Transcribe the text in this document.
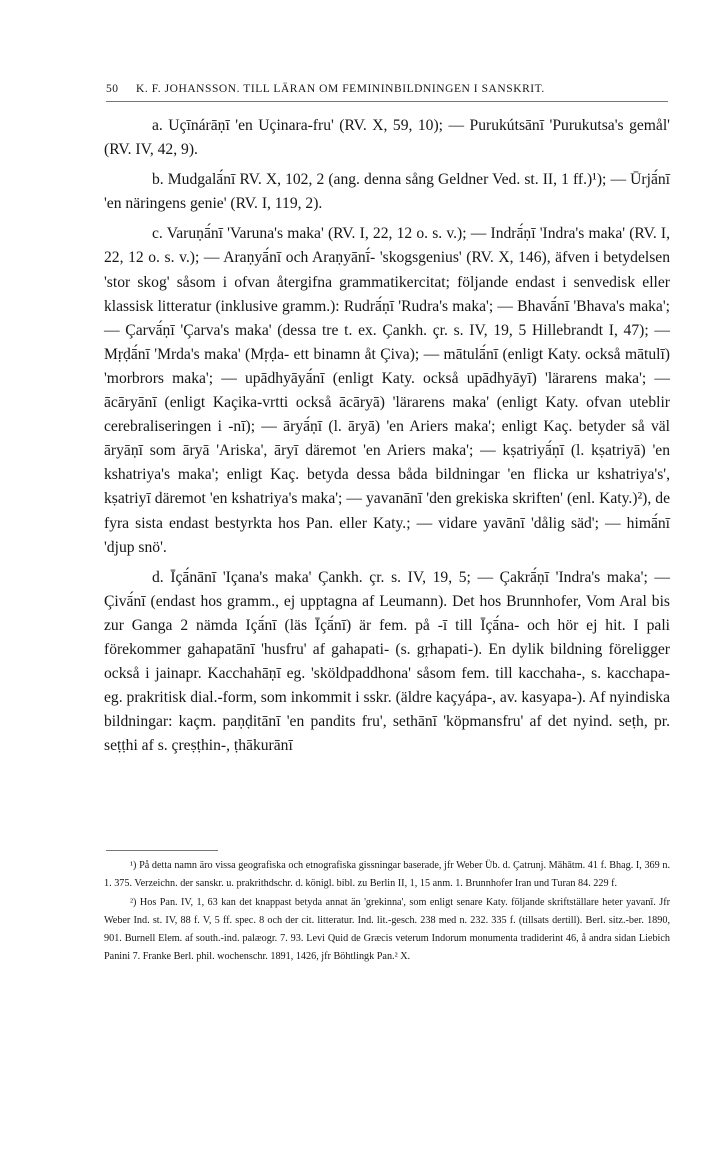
50 K. F. JOHANSSON. TILL LÄRAN OM FEMININBILDNINGEN I SANSKRIT.

a. Uçīnárāṇī 'en Uçinara-fru' (RV. X, 59, 10); — Purukútsānī 'Purukutsa's gemål' (RV. IV, 42, 9).

b. Mudgalā́nī RV. X, 102, 2 (ang. denna sång Geldner Ved. st. II, 1 ff.)¹); — Ūrjā́nī 'en näringens genie' (RV. I, 119, 2).

c. Varuṇā́nī 'Varuna's maka' (RV. I, 22, 12 o. s. v.); — Indrā́ṇī 'Indra's maka' (RV. I, 22, 12 o. s. v.); — Araṇyā́nī och Araṇyānī́- 'skogsgenius' (RV. X, 146), äfven i betydelsen 'stor skog' såsom i ofvan återgifna grammatikercitat; följande endast i senvedisk eller klassisk litteratur (inklusive gramm.): Rudrā́ṇī 'Rudra's maka'; — Bhavā́nī 'Bhava's maka'; — Çarvā́ṇī 'Çarva's maka' (dessa tre t. ex. Çankh. çr. s. IV, 19, 5 Hillebrandt I, 47); — Mṛḍā́nī 'Mrda's maka' (Mṛḍa- ett binamn åt Çiva); — mātulā́nī (enligt Katy. också mātulī) 'morbrors maka'; — upādhyāyā́nī (enligt Katy. också upādhyāyī) 'lärarens maka'; — ācāryānī (enligt Kaçika-vrtti också ācāryā) 'lärarens maka' (enligt Katy. ofvan uteblir cerebraliseringen i -nī); — āryā́ṇī (l. āryā) 'en Ariers maka'; enligt Kaç. betyder så väl āryāṇī som āryā 'Ariska', āryī däremot 'en Ariers maka'; — kṣatriyā́ṇī (l. kṣatriyā) 'en kshatriya's maka'; enligt Kaç. betyda dessa båda bildningar 'en flicka ur kshatriya's', kṣatriyī däremot 'en kshatriya's maka'; — yavanānī 'den grekiska skriften' (enl. Katy.)²), de fyra sista endast bestyrkta hos Pan. eller Katy.; — vidare yavānī 'dålig säd'; — himā́nī 'djup snö'.

d. Īçā́nānī 'Içana's maka' Çankh. çr. s. IV, 19, 5; — Çakrā́ṇī 'Indra's maka'; — Çivā́nī (endast hos gramm., ej upptagna af Leumann). Det hos Brunnhofer, Vom Aral bis zur Ganga 2 nämda Içā́nī (läs Īçā́nī) är fem. på -ī till Īçā́na- och hör ej hit. I pali förekommer gahapatānī 'husfru' af gahapati- (s. gṛhapati-). En dylik bildning föreligger också i jainapr. Kacchahāṇī eg. 'sköldpaddhona' såsom fem. till kacchaha-, s. kacchapa- eg. prakritisk dial.-form, som inkommit i sskr. (äldre kaçyápa-, av. kasyapa-). Af nyindiska bildningar: kaçm. paṇḍitānī 'en pandits fru', sethānī 'köpmansfru' af det nyind. seṭh, pr. seṭṭhi af s. çreṣṭhin-, ṭhākurānī

¹) På detta namn äro vissa geografiska och etnografiska gissningar baserade, jfr Weber Üb. d. Çatrunj. Māhātm. 41 f. Bhag. I, 369 n. 1. 375. Verzeichn. der sanskr. u. prakrithdschr. d. königl. bibl. zu Berlin II, 1, 15 anm. 1. Brunnhofer Iran und Turan 84. 229 f.

²) Hos Pan. IV, 1, 63 kan det knappast betyda annat än 'grekinna', som enligt senare Katy. följande skriftställare heter yavanī. Jfr Weber Ind. st. IV, 88 f. V, 5 ff. spec. 8 och der cit. litteratur. Ind. lit.-gesch. 238 med n. 232. 335 f. (tillsats dertill). Berl. sitz.-ber. 1890, 901. Burnell Elem. af south.-ind. palæogr. 7. 93. Levi Quid de Græcis veterum Indorum monumenta tradiderint 46, å andra sidan Liebich Panini 7. Franke Berl. phil. wochenschr. 1891, 1426, jfr Böhtlingk Pan.² X.
